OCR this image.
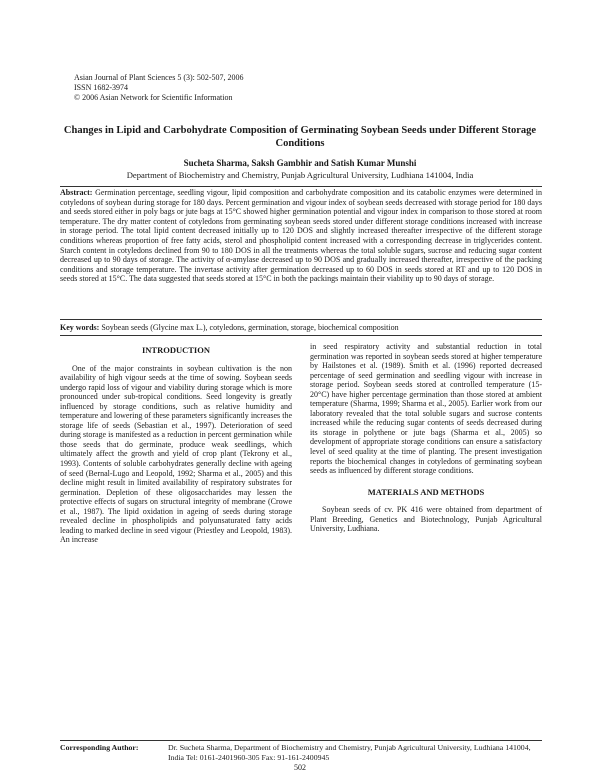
Asian Journal of Plant Sciences 5 (3): 502-507, 2006
ISSN 1682-3974
© 2006 Asian Network for Scientific Information
Changes in Lipid and Carbohydrate Composition of Germinating Soybean Seeds under Different Storage Conditions
Sucheta Sharma, Saksh Gambhir and Satish Kumar Munshi
Department of Biochemistry and Chemistry, Punjab Agricultural University, Ludhiana 141004, India
Abstract: Germination percentage, seedling vigour, lipid composition and carbohydrate composition and its catabolic enzymes were determined in cotyledons of soybean during storage for 180 days. Percent germination and vigour index of soybean seeds decreased with storage period for 180 days and seeds stored either in poly bags or jute bags at 15°C showed higher germination potential and vigour index in comparison to those stored at room temperature. The dry matter content of cotyledons from germinating soybean seeds stored under different storage conditions increased with increase in storage period. The total lipid content decreased initially up to 120 DOS and slightly increased thereafter irrespective of the different storage conditions whereas proportion of free fatty acids, sterol and phospholipid content increased with a corresponding decrease in triglycerides content. Starch content in cotyledons declined from 90 to 180 DOS in all the treatments whereas the total soluble sugars, sucrose and reducing sugar content decreased up to 90 days of storage. The activity of α-amylase decreased up to 90 DOS and gradually increased thereafter, irrespective of the packing conditions and storage temperature. The invertase activity after germination decreased up to 60 DOS in seeds stored at RT and up to 120 DOS in seeds stored at 15°C. The data suggested that seeds stored at 15°C in both the packings maintain their viability up to 90 days of storage.
Key words: Soybean seeds (Glycine max L.), cotyledons, germination, storage, biochemical composition
INTRODUCTION
One of the major constraints in soybean cultivation is the non availability of high vigour seeds at the time of sowing. Soybean seeds undergo rapid loss of vigour and viability during storage which is more pronounced under sub-tropical conditions. Seed longevity is greatly influenced by storage conditions, such as relative humidity and temperature and lowering of these parameters significantly increases the storage life of seeds (Sebastian et al., 1997). Deterioration of seed during storage is manifested as a reduction in percent germination while those seeds that do germinate, produce weak seedlings, which ultimately affect the growth and yield of crop plant (Tekrony et al., 1993). Contents of soluble carbohydrates generally decline with ageing of seed (Bernal-Lugo and Leopold, 1992; Sharma et al., 2005) and this decline might result in limited availability of respiratory substrates for germination. Depletion of these oligosaccharides may lessen the protective effects of sugars on structural integrity of membrane (Crowe et al., 1987). The lipid oxidation in ageing of seeds during storage revealed decline in phospholipids and polyunsaturated fatty acids leading to marked decline in seed vigour (Priestley and Leopold, 1983). An increase
in seed respiratory activity and substantial reduction in total germination was reported in soybean seeds stored at higher temperature by Hailstones et al. (1989). Smith et al. (1996) reported decreased percentage of seed germination and seedling vigour with increase in storage period. Soybean seeds stored at controlled temperature (15-20°C) have higher percentage germination than those stored at ambient temperature (Sharma, 1999; Sharma et al., 2005). Earlier work from our laboratory revealed that the total soluble sugars and sucrose contents increased while the reducing sugar contents of seeds decreased during its storage in polythene or jute bags (Sharma et al., 2005) so development of appropriate storage conditions can ensure a satisfactory level of seed quality at the time of planting. The present investigation reports the biochemical changes in cotyledons of germinating soybean seeds as influenced by different storage conditions.
MATERIALS AND METHODS
Soybean seeds of cv. PK 416 were obtained from department of Plant Breeding, Genetics and Biotechnology, Punjab Agricultural University, Ludhiana.
Corresponding Author:	Dr. Sucheta Sharma, Department of Biochemistry and Chemistry, Punjab Agricultural University, Ludhiana 141004, India Tel: 0161-2401960-305 Fax: 91-161-2400945
502
